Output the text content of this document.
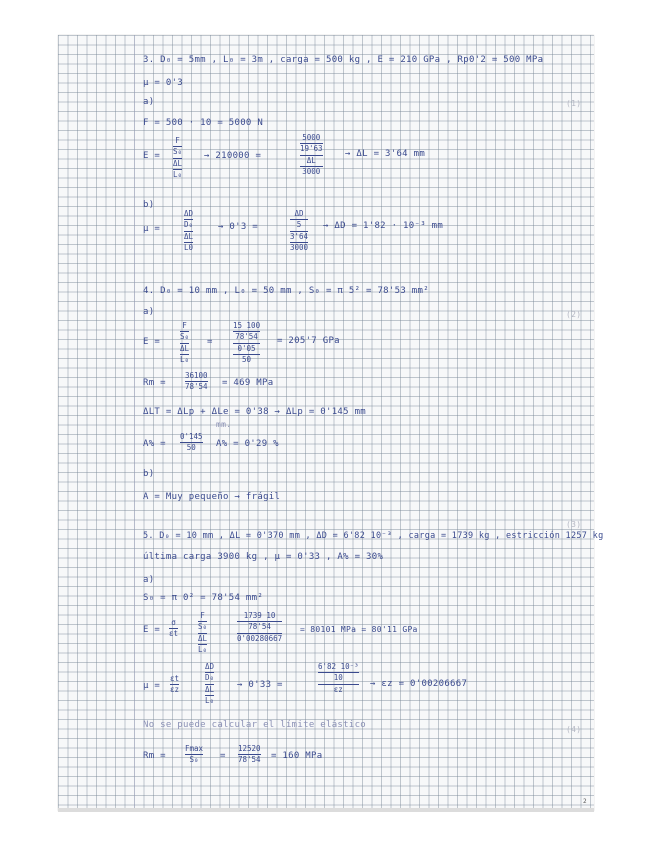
3. D₀ = 5mm , L₀ = 3m , carga = 500 kg , E = 210 GPa , Rp0'2 = 500 MPa
μ = 0'3
a)
F = 500 · 10 = 5000 N
(1)
E =
F
S₀
ΔL
L₀
→ 210000 =
5000
19'63
ΔL
3000
→ ΔL = 3'64 mm
b)
μ =
ΔD
D₀
ΔL
L0
→ 0'3 =
ΔD
5
3'64
3000
→ ΔD = 1'82 · 10⁻³ mm
4. D₀ = 10 mm , L₀ = 50 mm , S₀ = π 5² = 78'53 mm²
a)	(2)
E =
F
S₀
ΔL
L₀
=
15 100
78'54
0'05
50
= 205'7 GPa
Rm =
36100
78'54 = 469 MPa
ΔLT = ΔLp + ΔLe = 0'38 → ΔLp = 0'145 mm
mm.
A% =
0'145
50 A% = 0'29 %
b)
A = Muy pequeño → frágil
(3)
5. D₀ = 10 mm , ΔL = 0'370 mm , ΔD = 6'82 10⁻³ , carga = 1739 kg , estricción 1257 kg
última carga 3900 kg , μ = 0'33 , A% = 30%
a)
S₀ = π 0² = 78'54 mm²
E =
σ
εt
F
S₀
ΔL
L₀
1739 10
78'54
0'00280667
= 80101 MPa = 80'11 GPa
μ =
εt
εz
ΔD
D₀
ΔL
L₀
→ 0'33 =
6'82 10⁻³
10
εz	→ εz = 0'00206667
(4)
No se puede calcular el límite elástico
Rm =
Fmax
S₀ =
12520
78'54 = 160 MPa
2
